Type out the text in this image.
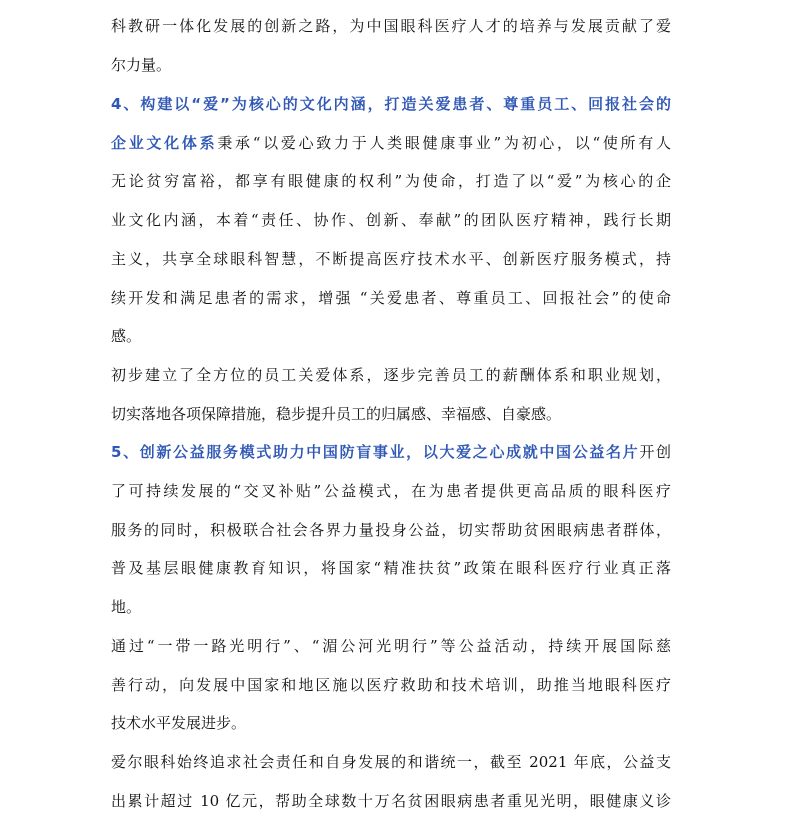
科教研一体化发展的创新之路，为中国眼科医疗人才的培养与发展贡献了爱
尔力量。
4、构建以“爱”为核心的文化内涵，打造关爱患者、尊重员工、回报社会的
企业文化体系秉承“以爱心致力于人类眼健康事业”为初心，以“使所有人
无论贫穷富裕，都享有眼健康的权利”为使命，打造了以“爱”为核心的企
业文化内涵，本着“责任、协作、创新、奉献”的团队医疗精神，践行长期
主义，共享全球眼科智慧，不断提高医疗技术水平、创新医疗服务模式，持
续开发和满足患者的需求，增强 “关爱患者、尊重员工、回报社会”的使命
感。
初步建立了全方位的员工关爱体系，逐步完善员工的薪酬体系和职业规划，
切实落地各项保障措施，稳步提升员工的归属感、幸福感、自豪感。
5、创新公益服务模式助力中国防盲事业，以大爱之心成就中国公益名片开创
了可持续发展的“交叉补贴”公益模式，在为患者提供更高品质的眼科医疗
服务的同时，积极联合社会各界力量投身公益，切实帮助贫困眼病患者群体，
普及基层眼健康教育知识，将国家“精准扶贫”政策在眼科医疗行业真正落
地。
通过“一带一路光明行”、“湄公河光明行”等公益活动，持续开展国际慈
善行动，向发展中国家和地区施以医疗救助和技术培训，助推当地眼科医疗
技术水平发展进步。
爱尔眼科始终追求社会责任和自身发展的和谐统一，截至 2021 年底，公益支
出累计超过 10 亿元，帮助全球数十万名贫困眼病患者重见光明，眼健康义诊
